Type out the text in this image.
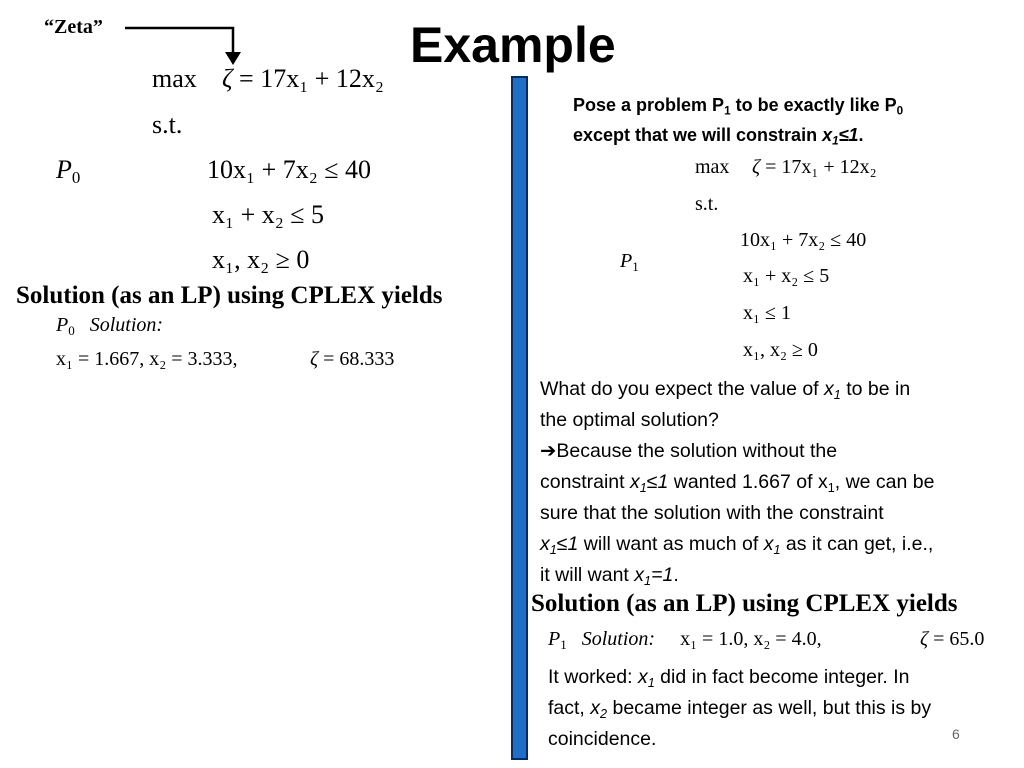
Example
“Zeta”
max ζ = 17x₁ + 12x₂
s.t.
$P_0$	10x₁ + 7x₂ ≤ 40
x₁ + x₂ ≤ 5
x₁, x₂ ≥ 0
Solution (as an LP) using CPLEX yields
$P_0$ Solution:
x₁ = 1.667, x₂ = 3.333,	ζ = 68.333
Pose a problem $P_1$ to be exactly like $P_0$
except that we will constrain $x_1\le 1$.
max ζ = 17x₁ + 12x₂
s.t.
$P_1$
10x₁ + 7x₂ ≤ 40
x₁ + x₂ ≤ 5
x₁ ≤ 1
x₁, x₂ ≥ 0
What do you expect the value of $x_1$ to be in
the optimal solution?
➔Because the solution without the
constraint $x_1\le 1$ wanted 1.667 of $x_1$, we can be
sure that the solution with the constraint
$x_1\le 1$ will want as much of $x_1$ as it can get, i.e.,
it will want $x_1=1$.
Solution (as an LP) using CPLEX yields
$P_1$ Solution: x₁ = 1.0, x₂ = 4.0,	ζ = 65.0
It worked: $x_1$ did in fact become integer. In
fact, $x_2$ became integer as well, but this is by
coincidence.	6
